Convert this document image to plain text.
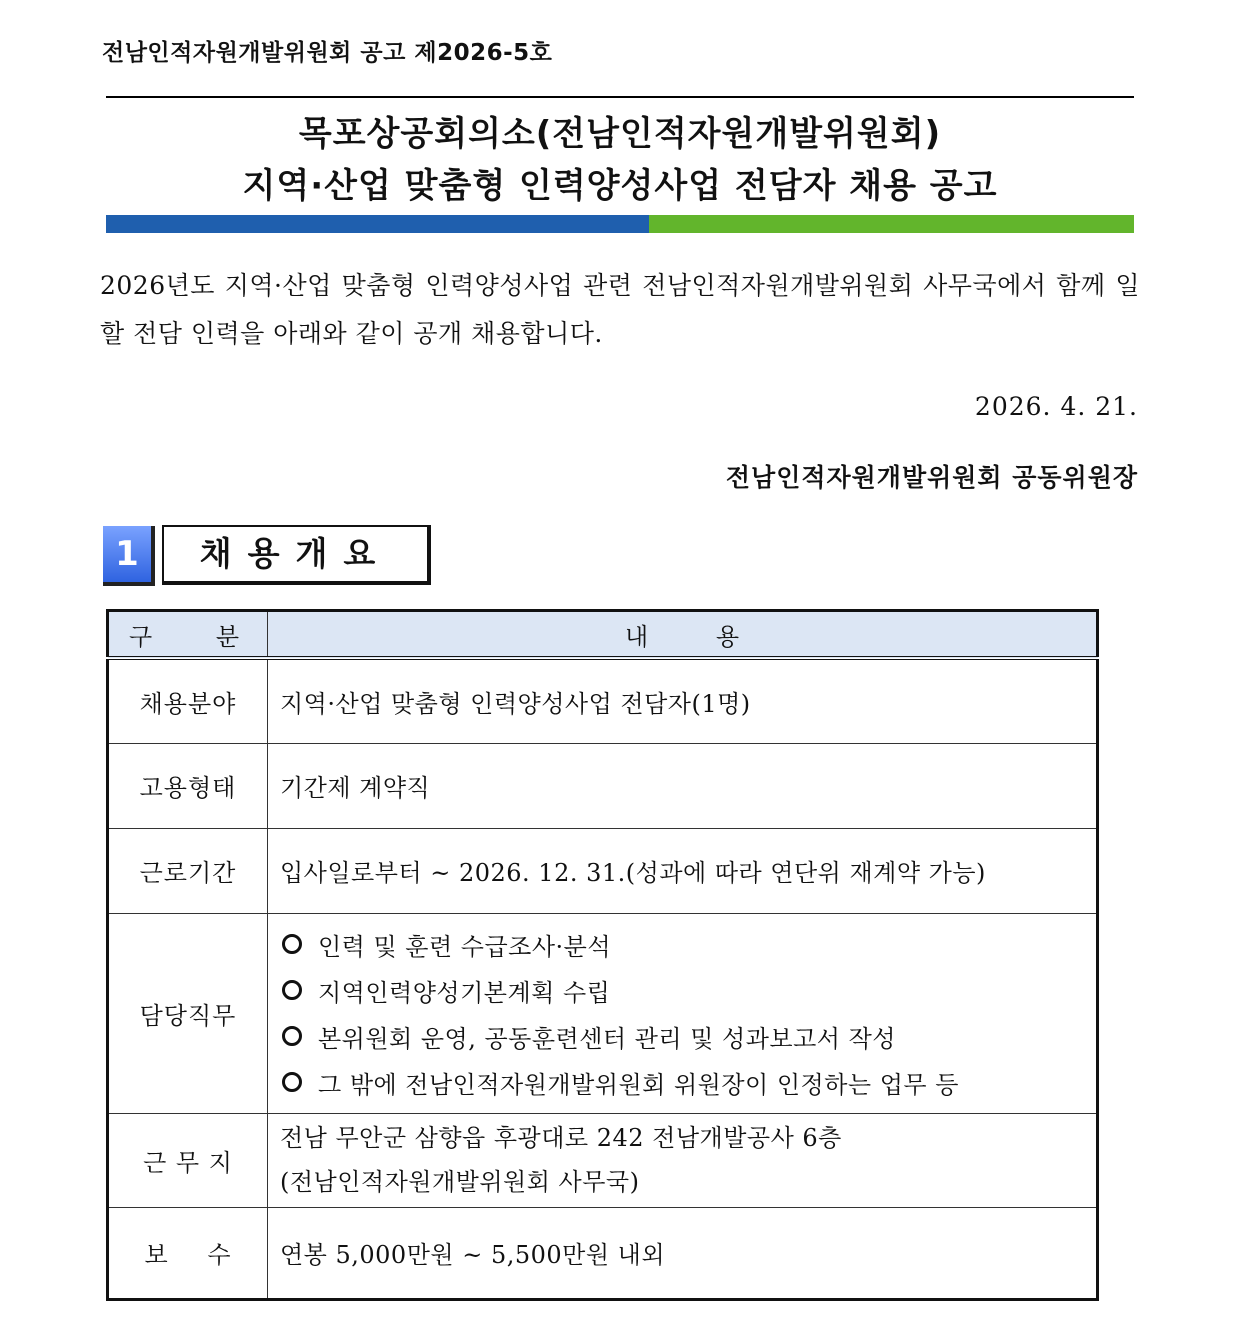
전남인적자원개발위원회 공고 제2026-5호
목포상공회의소(전남인적자원개발위원회)
지역·산업 맞춤형 인력양성사업 전담자 채용 공고
2026년도 지역·산업 맞춤형 인력양성사업 관련 전남인적자원개발위원회 사무국에서 함께 일할 전담 인력을 아래와 같이 공개 채용합니다.
2026. 4. 21.
전남인적자원개발위원회 공동위원장
1	채용개요
구 분	내 용
채용분야	지역·산업 맞춤형 인력양성사업 전담자(1명)
고용형태	기간제 계약직
근로기간	입사일로부터 ~ 2026. 12. 31.(성과에 따라 연단위 재계약 가능)
담당직무	인력 및 훈련 수급조사·분석
지역인력양성기본계획 수립
본위원회 운영, 공동훈련센터 관리 및 성과보고서 작성
그 밖에 전남인적자원개발위원회 위원장이 인정하는 업무 등

근 무 지	전남 무안군 삼향읍 후광대로 242 전남개발공사 6층
(전남인적자원개발위원회 사무국)

보 수	연봉 5,000만원 ~ 5,500만원 내외
